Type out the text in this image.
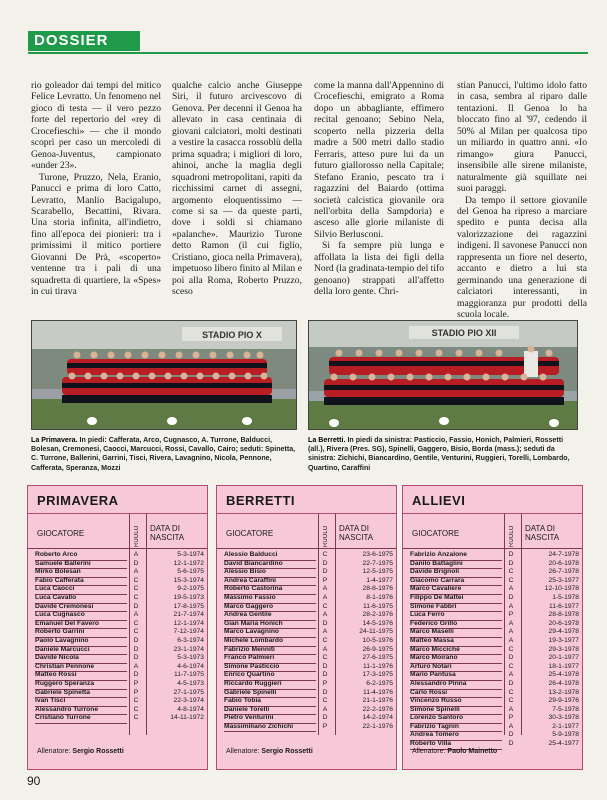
DOSSIER

rio goleador dai tempi del mitico Felice Levratto. Un fenomeno nel gioco di testa — il vero pezzo forte del repertorio del «rey di Crocefieschi» — che il mondo scoprì per caso un mercoledì di Genoa-Juventus, campionato «under 23».

Turone, Pruzzo, Nela, Eranio, Panucci e prima di loro Catto, Levratto, Manlio Bacigalupo, Scarabello, Becattini, Rivara. Una storia infinita, all'indietro, fino all'epoca dei pionieri: tra i primissimi il mitico portiere Giovanni De Prà, «scoperto» ventenne tra i pali di una squadretta di quartiere, la «Spes» in cui tirava

qualche calcio anche Giuseppe Siri, il futuro arcivescovo di Genova. Per decenni il Genoa ha allevato in casa centinaia di giovani calciatori, molti destinati a vestire la casacca rossoblù della prima squadra; i migliori di loro, ahinoi, anche la maglia degli squadroni metropolitani, rapiti da ricchissimi carnet di assegni, argomento eloquentissimo — come si sa — da queste parti, dove i soldi si chiamano «palanche». Maurizio Turone detto Ramon (il cui figlio, Cristiano, gioca nella Primavera), impetuoso libero finito al Milan e poi alla Roma, Roberto Pruzzo, sceso

come la manna dall'Appennino di Crocefieschi, emigrato a Roma dopo un abbagliante, effimero recital genoano; Sebino Nela, scoperto nella pizzeria della madre a 500 metri dallo stadio Ferraris, atteso pure lui da un futuro giallorosso nella Capitale; Stefano Eranio, pescato tra i ragazzini del Baiardo (ottima società calcistica giovanile ora nell'orbita della Sampdoria) e asceso alle glorie milaniste di Silvio Berlusconi.

Si fa sempre più lunga e affollata la lista dei figli della Nord (la gradinata-tempio del tifo genoano) strappati all'affetto della loro gente. Chri-

stian Panucci, l'ultimo idolo fatto in casa, sembra al riparo dalle tentazioni. Il Genoa lo ha bloccato fino al '97, cedendo il 50% al Milan per qualcosa tipo un miliardo in quattro anni. «Io rimango» giura Panucci, insensibile alle sirene milaniste, naturalmente già squillate nei suoi paraggi.

Da tempo il settore giovanile del Genoa ha ripreso a marciare spedito e punta decisa alla valorizzazione dei ragazzini indigeni. Il savonese Panucci non rappresenta un fiore nel deserto, accanto e dietro a lui sta germinando una generazione di calciatori interessanti, in maggioranza pur prodotti della scuola locale.

STADIO PIO X	STADIO PIO XII
La Primavera. In piedi: Cafferata, Arco, Cugnasco, A. Turrone, Balducci, Bolesan, Cremonesi, Caocci, Marcucci, Rossi, Cavallo, Cairo; seduti: Spinetta, C. Turrone, Ballerini, Garrini, Tisci, Rivera, Lavagnino, Nicola, Pennone, Cafferata, Speranza, Mozzi
La Berretti. In piedi da sinistra: Pasticcio, Fassio, Honich, Palmieri, Rossetti (all.), Rivera (Pres. SG), Spinelli, Gaggero, Bisio, Borda (mass.); seduti da sinistra: Zichichi, Biancardino, Gentile, Venturini, Ruggieri, Torelli, Lombardo, Quartino, Caraffini
PRIMAVERA
GIOCATORE	RUOLO	DATA DI
NASCITA
Roberto Arco	A	5-3-1974
Samuele Ballerini	D	12-1-1972
Mirko Bolesan	A	5-6-1975
Fabio Cafferata	C	15-3-1974
Luca Caocci	C	9-2-1975
Luca Cavallo	C	19-5-1973
Davide Cremonesi	D	17-8-1975
Luca Cugnasco	A	21-7-1974
Emanuel Del Favero	C	12-1-1974
Roberto Garrini	C	7-12-1974
Paolo Lavagnino	D	6-3-1974
Daniele Marcucci	D	23-1-1974
Davide Nicola	D	5-3-1973
Christian Pennone	A	4-6-1974
Matteo Rossi	D	11-7-1975
Ruggero Speranza	P	4-5-1973
Gabriele Spinetta	P	27-1-1975
Ivan Tisci	C	22-3-1974
Alessandro Turrone	C	4-8-1974
Cristiano Turrone	C	14-11-1972
Allenatore: Sergio Rossetti
BERRETTI
GIOCATORE	RUOLO	DATA DI
NASCITA
Alessio Balducci	C	23-6-1975
David Biancardino	D	22-7-1975
Alessio Bisio	D	12-5-1975
Andrea Caraffini	P	1-4-1977
Roberto Castorina	A	28-8-1976
Massimo Fassio	A	8-1-1976
Marco Gaggero	C	11-6-1975
Andrea Gentile	A	28-2-1976
Gian Maria Honich	D	14-5-1976
Marco Lavagnino	A	24-11-1975
Michele Lombardo	C	10-5-1976
Fabrizio Menniti	A	26-9-1975
Franco Palmieri	C	27-6-1975
Simone Pasticcio	D	11-1-1976
Enrico Quartino	D	17-3-1975
Riccardo Ruggieri	P	6-2-1975
Gabriele Spinelli	D	11-4-1976
Fabio Tobia	C	21-1-1976
Daniele Torelli	A	22-2-1976
Pietro Venturini	D	14-2-1974
Massimiliano Zichichi	P	22-1-1976
Allenatore: Sergio Rossetti
ALLIEVI
GIOCATORE	RUOLO	DATA DI
NASCITA
Fabrizio Anzalone	D	24-7-1978
Danilo Battaglini	D	20-6-1978
Davide Brignoli	C	26-7-1978
Giacomo Carrara	C	25-3-1977
Marco Cavaliere	A	12-10-1978
Filippo De Mattei	D	1-5-1978
Simone Fabbri	A	11-6-1977
Luca Ferro	P	28-8-1978
Federico Grillo	A	20-6-1978
Marco Maselli	A	29-4-1978
Matteo Massa	A	19-3-1977
Marco Micciché	C	29-3-1978
Marco Moirano	D	20-1-1977
Arturo Notari	C	18-1-1977
Mario Pantusa	A	25-4-1978
Alessandro Pinna	D	26-4-1978
Carlo Rossi	C	13-2-1978
Vincenzo Russo	C	29-9-1976
Simone Spinelli	A	7-5-1978
Lorenzo Santoro	P	30-3-1978
Fabrizio Tagnin	A	2-1-1977
Andrea Tomero	D	5-9-1978
Roberto Villa	D	25-4-1977
Allenatore: Paolo Mainetto
90
